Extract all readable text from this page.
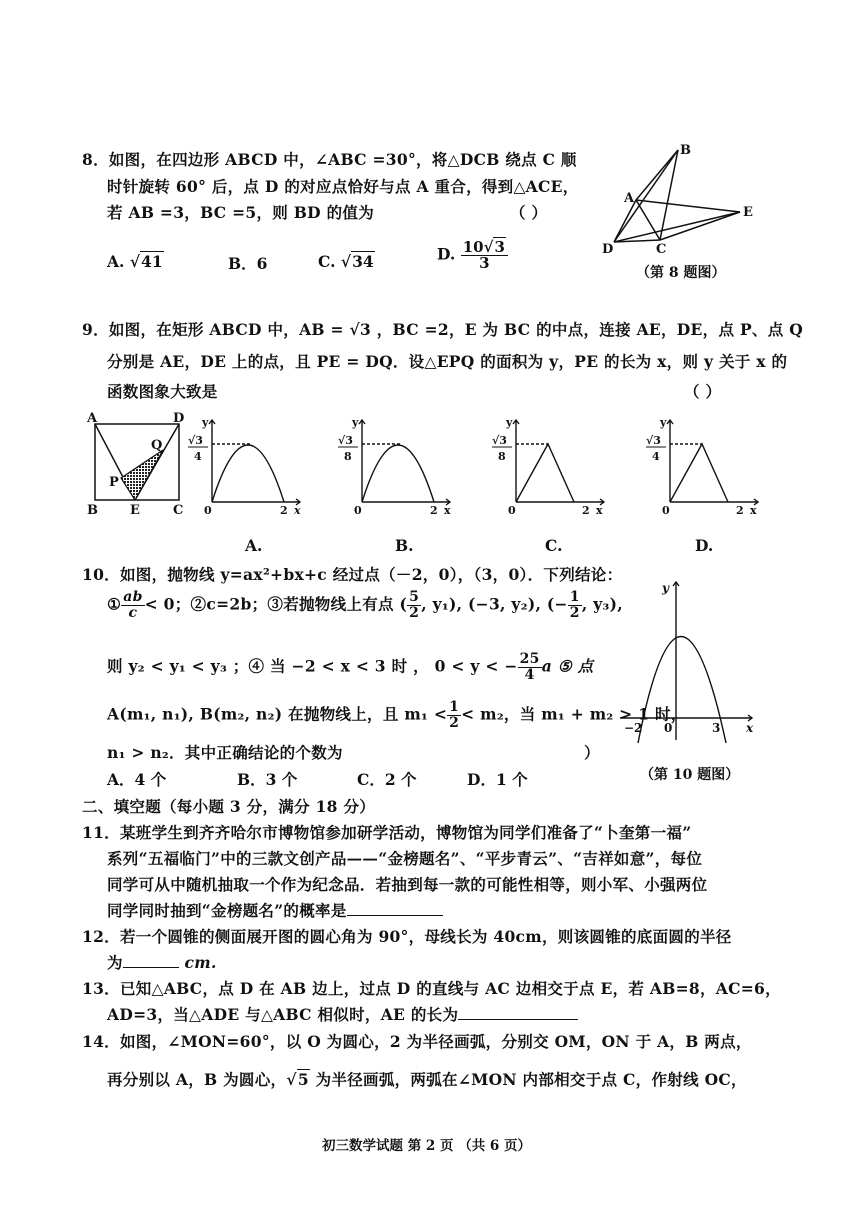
8．如图，在四边形 ABCD 中，∠ABC =30°，将△DCB 绕点 C 顺
时针旋转 60° 后，点 D 的对应点恰好与点 A 重合，得到△ACE，
若 AB =3，BC =5，则 BD 的值为	（ ）
A. √41	B．6	C. √34	D. $\frac{10√3}{3}$
B
A
E
D	C
（第 8 题图）
9．如图，在矩形 ABCD 中，AB = √3 ，BC =2，E 为 BC 的中点，连接 AE，DE，点 P、点 Q
分别是 AE，DE 上的点，且 PE = DQ．设△EPQ 的面积为 y，PE 的长为 x，则 y 关于 x 的
函数图象大致是	（ ）
A	D
Q
P
B E	C
y
√3
4
0	2 x
y
√3
8
0	2 x
y
√3
8
0	2 x
y
√3
4
0	2 x
A.	B.	C.	D.
10．如图，抛物线 y=ax²+bx+c 经过点（－2，0），（3，0）．下列结论：
① $\frac{ab}{c} < 0$；②c=2b；③若抛物线上有点 ( $\frac{5}{2}$ , y₁), (−3, y₂), (− $\frac{1}{2}$ , y₃),
则 y₂ < y₁ < y₃ ；④ 当 −2 < x < 3 时 ， 0 < y < − $\frac{25}{4}$ a ⑤ 点
A(m₁, n₁), B(m₂, n₂) 在抛物线上，且 $m_1 < \frac{1}{2} < m_2$，当 m₁ + m₂ > 1 时，
n₁ > n₂．其中正确结论的个数为	）
A．4 个	B．3 个	C．2 个	D．1 个
y
x
−2 0	3
（第 10 题图）
二、填空题（每小题 3 分，满分 18 分）
11．某班学生到齐齐哈尔市博物馆参加研学活动，博物馆为同学们准备了“卜奎第一福”
系列“五福临门”中的三款文创产品——“金榜题名”、“平步青云”、“吉祥如意”，每位
同学可从中随机抽取一个作为纪念品．若抽到每一款的可能性相等，则小军、小强两位
同学同时抽到“金榜题名”的概率是
12．若一个圆锥的侧面展开图的圆心角为 90°，母线长为 40cm，则该圆锥的底面圆的半径
为	cm.
13．已知△ABC，点 D 在 AB 边上，过点 D 的直线与 AC 边相交于点 E，若 AB=8，AC=6，
AD=3，当△ADE 与△ABC 相似时，AE 的长为
14．如图，∠MON=60°，以 O 为圆心，2 为半径画弧，分别交 OM，ON 于 A，B 两点，
再分别以 A，B 为圆心，√5 为半径画弧，两弧在∠MON 内部相交于点 C，作射线 OC，
初三数学试题 第 2 页 （共 6 页）
